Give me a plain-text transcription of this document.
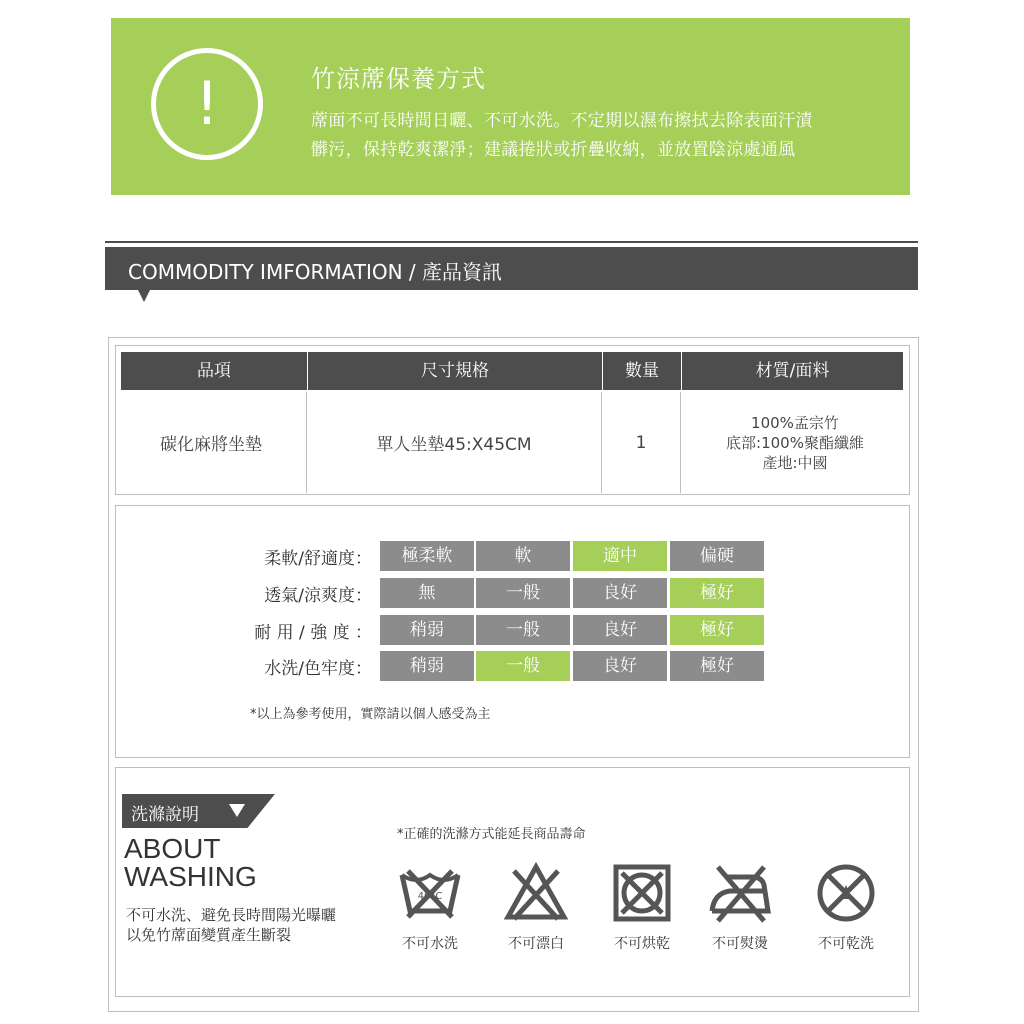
!	竹涼蓆保養方式
蓆面不可長時間日曬、不可水洗。不定期以濕布擦拭去除表面汗漬
髒污，保持乾爽潔淨；建議捲狀或折疊收納，並放置陰涼處通風
COMMODITY IMFORMATION / 產品資訊
品項	尺寸規格	數量	材質/面料
碳化麻將坐墊	單人坐墊45:X45CM	1
100%孟宗竹
底部:100%聚酯纖維
產地:中國
柔軟/舒適度：	極柔軟	軟	適中	偏硬
透氣/涼爽度：	無	一般	良好	極好
耐 用 / 強 度 ：	稍弱	一般	良好	極好
水洗/色牢度：	稍弱	一般	良好	極好
*以上為參考使用，實際請以個人感受為主
洗滌說明
ABOUT
WASHING
不可水洗、避免長時間陽光曝曬
以免竹蓆面變質產生斷裂
*正確的洗滌方式能延長商品壽命
40°C
不可水洗	不可漂白	不可烘乾	不可熨燙	不可乾洗
